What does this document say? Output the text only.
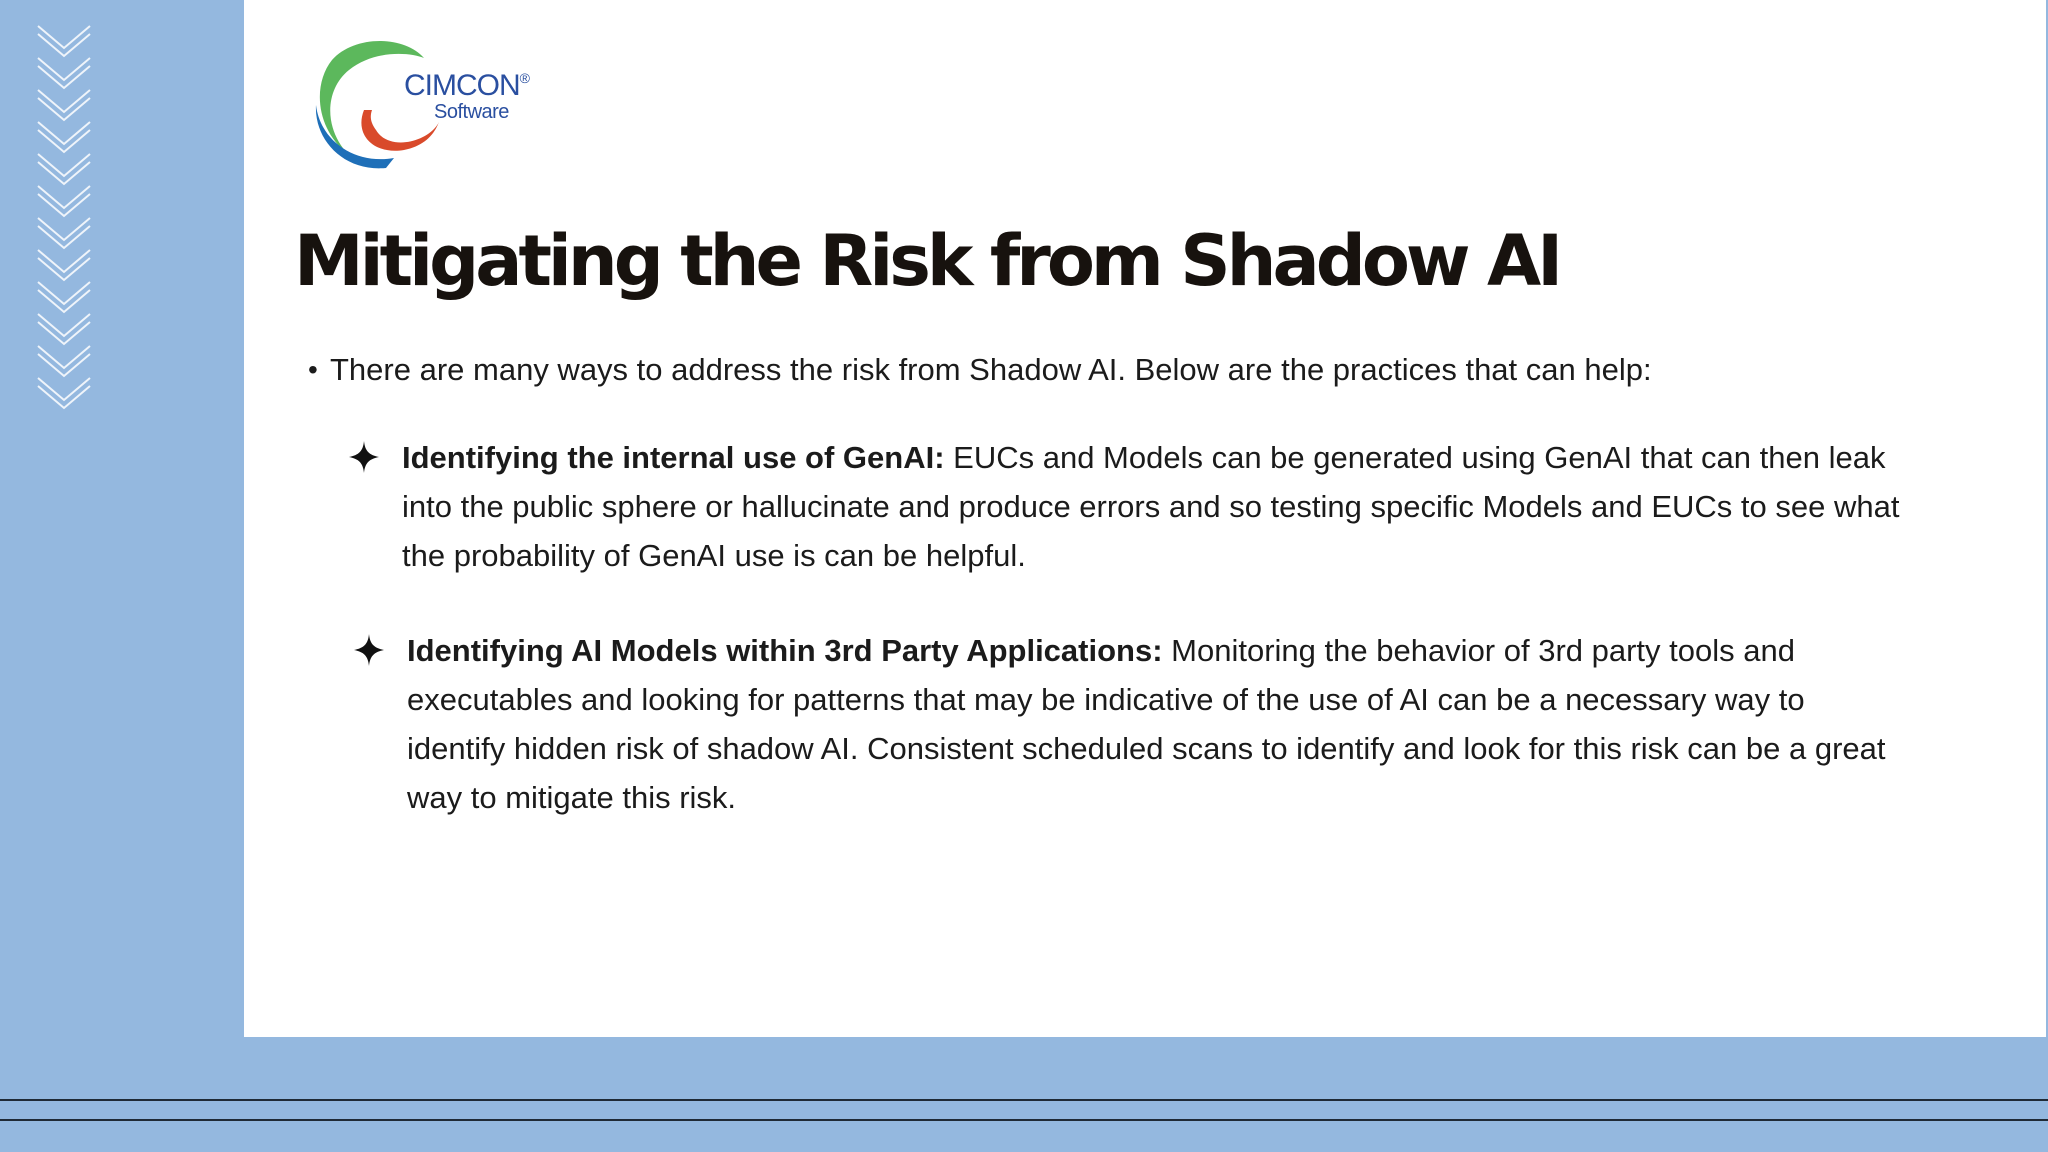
CIMCON®
Software
Mitigating the Risk from Shadow AI

• There are many ways to address the risk from Shadow AI. Below are the practices that can help:

Identifying the internal use of GenAI: EUCs and Models can be generated using GenAI that can then leak into the public sphere or hallucinate and produce errors and so testing specific Models and EUCs to see what the probability of GenAI use is can be helpful.
Identifying AI Models within 3rd Party Applications: Monitoring the behavior of 3rd party tools and executables and looking for patterns that may be indicative of the use of AI can be a necessary way to identify hidden risk of shadow AI. Consistent scheduled scans to identify and look for this risk can be a great way to mitigate this risk.
